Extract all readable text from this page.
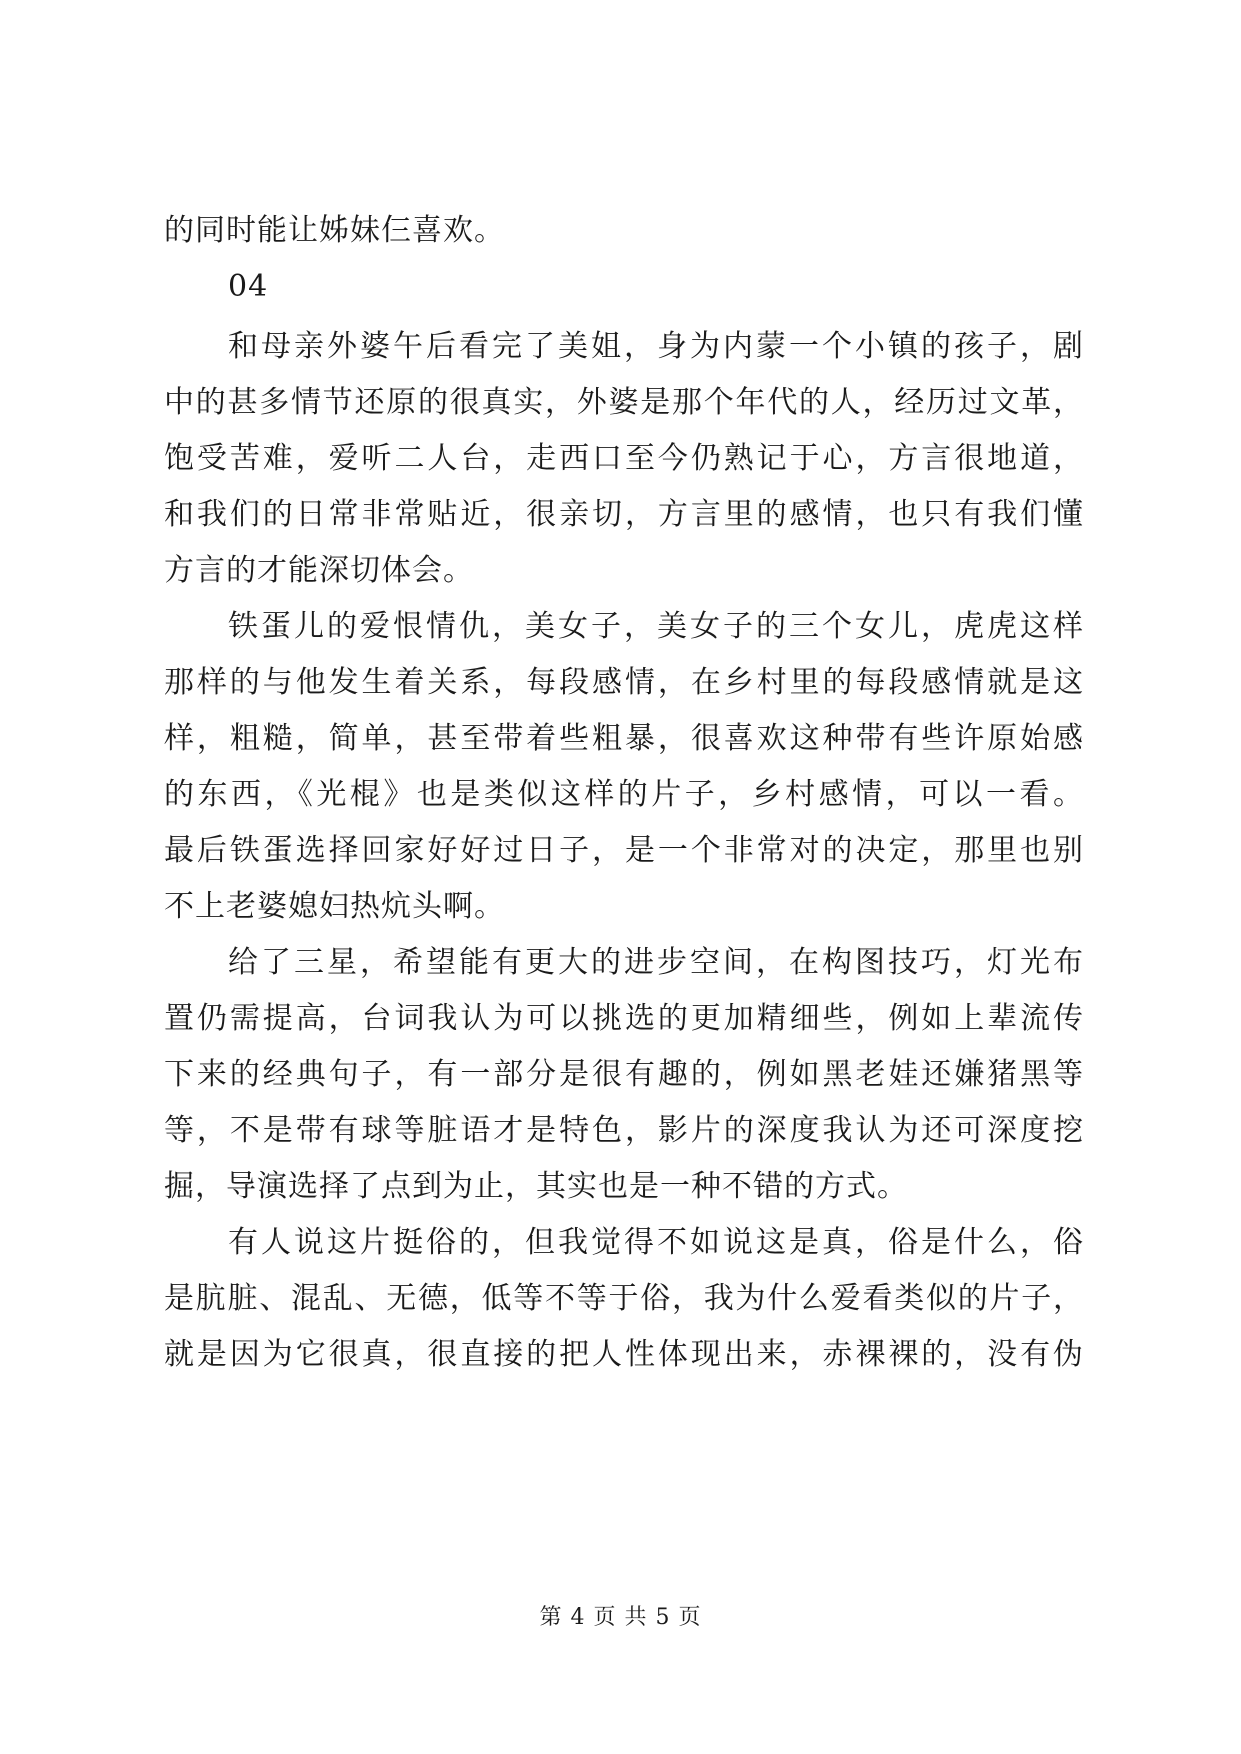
的同时能让姊妹仨喜欢。
04
和母亲外婆午后看完了美姐，身为内蒙一个小镇的孩子，剧
中的甚多情节还原的很真实，外婆是那个年代的人，经历过文革，
饱受苦难，爱听二人台，走西口至今仍熟记于心，方言很地道，
和我们的日常非常贴近，很亲切，方言里的感情，也只有我们懂
方言的才能深切体会。
铁蛋儿的爱恨情仇，美女子，美女子的三个女儿，虎虎这样
那样的与他发生着关系，每段感情，在乡村里的每段感情就是这
样，粗糙，简单，甚至带着些粗暴，很喜欢这种带有些许原始感
的东西，《光棍》也是类似这样的片子，乡村感情，可以一看。
最后铁蛋选择回家好好过日子，是一个非常对的决定，那里也别
不上老婆媳妇热炕头啊。
给了三星，希望能有更大的进步空间，在构图技巧，灯光布
置仍需提高，台词我认为可以挑选的更加精细些，例如上辈流传
下来的经典句子，有一部分是很有趣的，例如黑老娃还嫌猪黑等
等，不是带有球等脏语才是特色，影片的深度我认为还可深度挖
掘，导演选择了点到为止，其实也是一种不错的方式。
有人说这片挺俗的，但我觉得不如说这是真，俗是什么，俗
是肮脏、混乱、无德，低等不等于俗，我为什么爱看类似的片子，
就是因为它很真，很直接的把人性体现出来，赤裸裸的，没有伪
第 4 页 共 5 页
